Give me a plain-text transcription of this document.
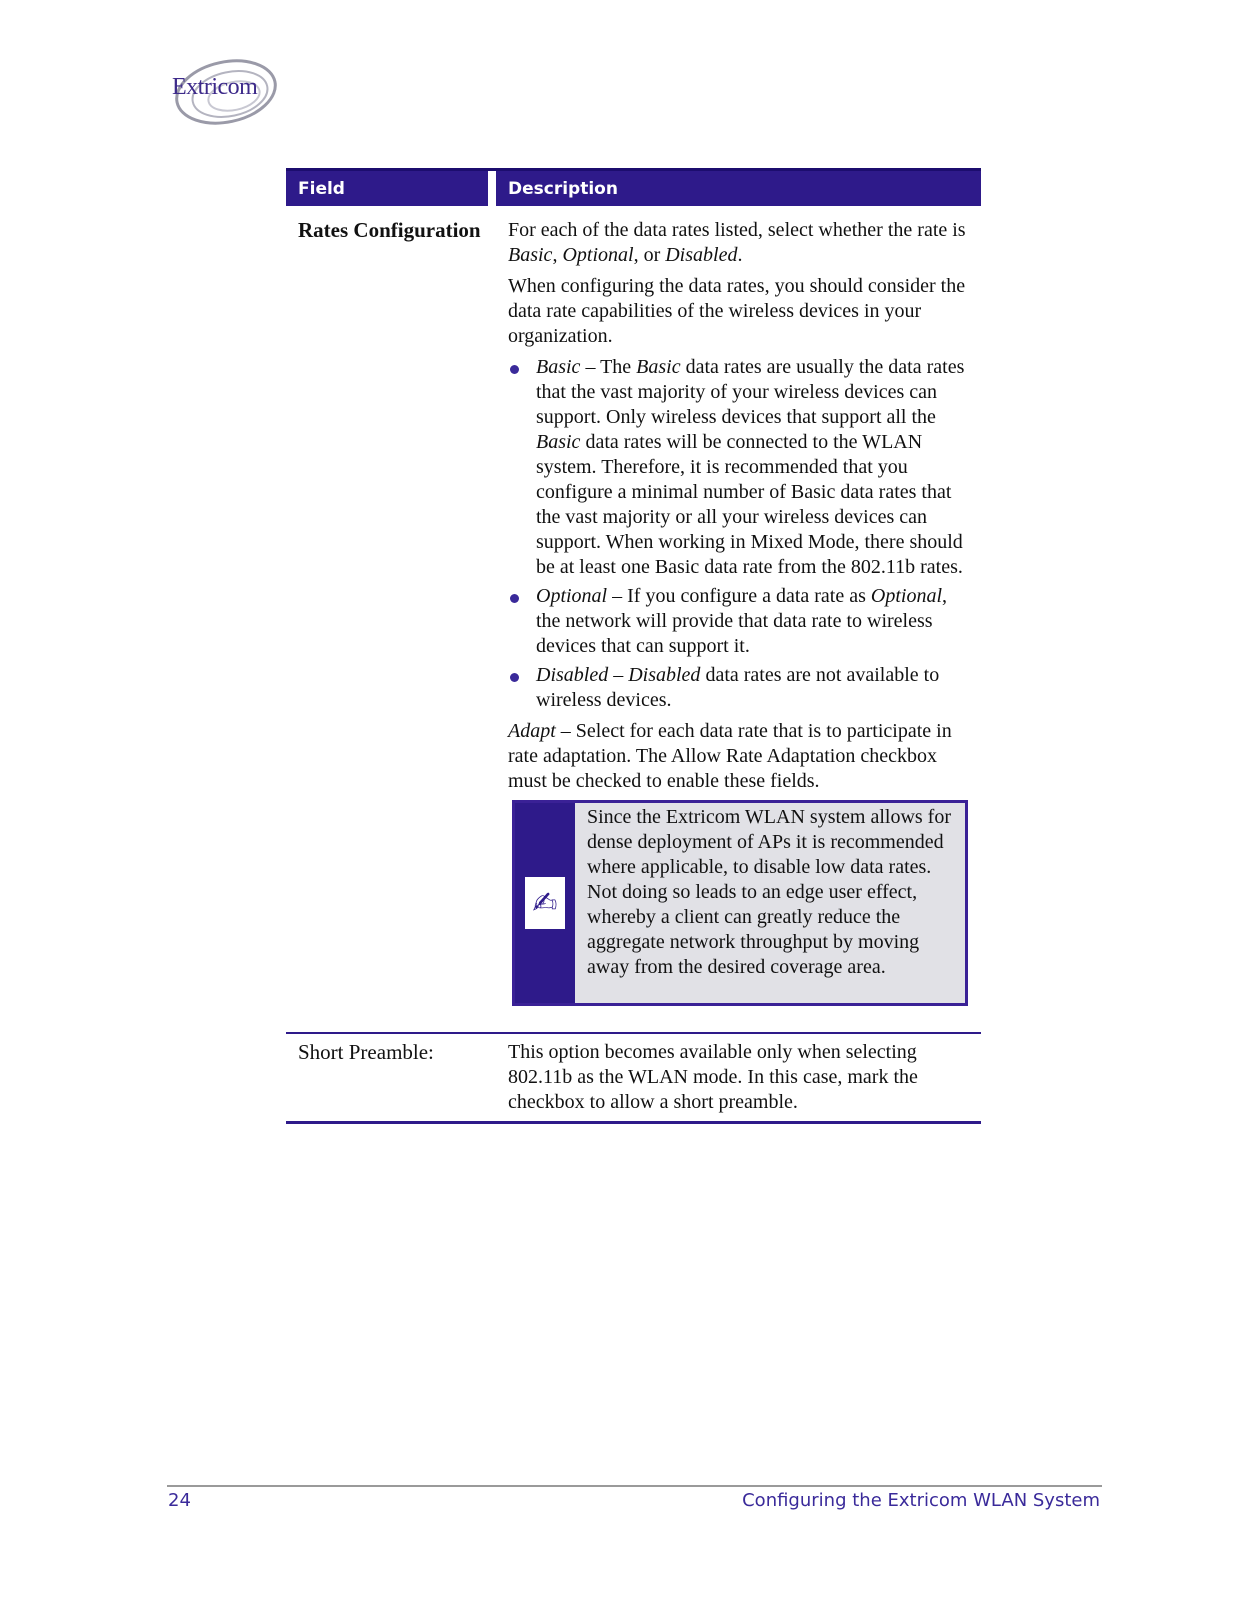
Extricom
Field	Description
Rates Configuration	For each of the data rates listed, select whether the rate is Basic, Optional, or Disabled.

When configuring the data rates, you should consider the data rate capabilities of the wireless devices in your organization.

Basic – The Basic data rates are usually the data rates that the vast majority of your wireless devices can support. Only wireless devices that support all the Basic data rates will be connected to the WLAN system. Therefore, it is recommended that you configure a minimal number of Basic data rates that the vast majority or all your wireless devices can support. When working in Mixed Mode, there should be at least one Basic data rate from the 802.11b rates.
Optional – If you configure a data rate as Optional, the network will provide that data rate to wireless devices that can support it.
Disabled – Disabled data rates are not available to wireless devices.

Adapt – Select for each data rate that is to participate in rate adaptation. The Allow Rate Adaptation checkbox must be checked to enable these fields.

✍
Since the Extricom WLAN system allows for dense deployment of APs it is recommended where applicable, to disable low data rates. Not doing so leads to an edge user effect, whereby a client can greatly reduce the aggregate network throughput by moving away from the desired coverage area.
Short Preamble:	This option becomes available only when selecting 802.11b as the WLAN mode. In this case, mark the checkbox to allow a short preamble.
24	Configuring the Extricom WLAN System
